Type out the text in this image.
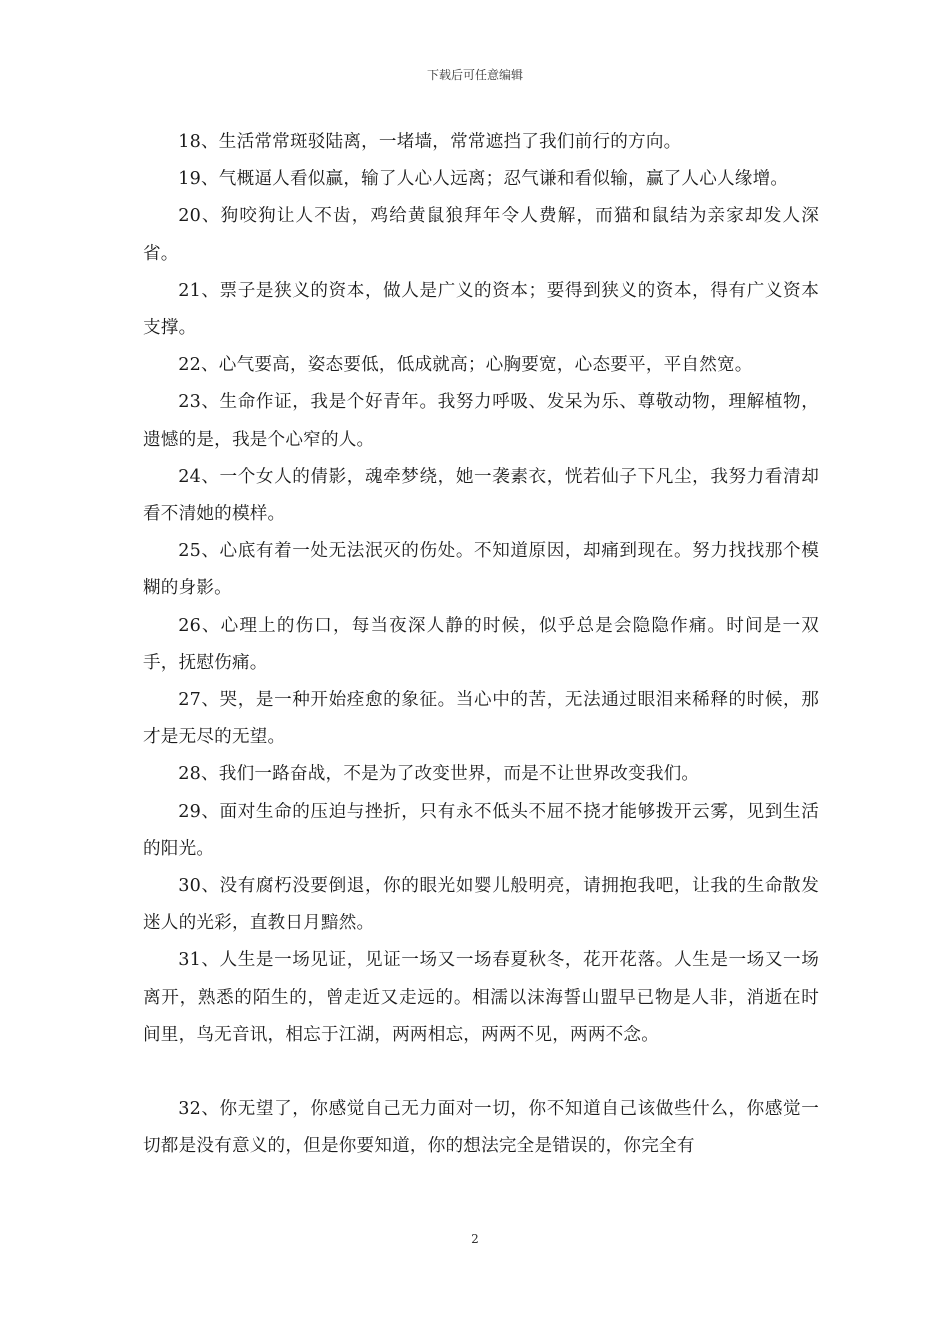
下载后可任意编辑

18、生活常常斑驳陆离，一堵墙，常常遮挡了我们前行的方向。

19、气概逼人看似赢，输了人心人远离；忍气谦和看似输，赢了人心人缘增。

20、狗咬狗让人不齿，鸡给黄鼠狼拜年令人费解，而猫和鼠结为亲家却发人深省。

21、票子是狭义的资本，做人是广义的资本；要得到狭义的资本，得有广义资本支撑。

22、心气要高，姿态要低，低成就高；心胸要宽，心态要平，平自然宽。

23、生命作证，我是个好青年。我努力呼吸、发呆为乐、尊敬动物，理解植物，遗憾的是，我是个心窄的人。

24、一个女人的倩影，魂牵梦绕，她一袭素衣，恍若仙子下凡尘，我努力看清却看不清她的模样。

25、心底有着一处无法泯灭的伤处。不知道原因，却痛到现在。努力找找那个模糊的身影。

26、心理上的伤口，每当夜深人静的时候，似乎总是会隐隐作痛。时间是一双手，抚慰伤痛。

27、哭，是一种开始痊愈的象征。当心中的苦，无法通过眼泪来稀释的时候，那才是无尽的无望。

28、我们一路奋战，不是为了改变世界，而是不让世界改变我们。

29、面对生命的压迫与挫折，只有永不低头不屈不挠才能够拨开云雾，见到生活的阳光。

30、没有腐朽没要倒退，你的眼光如婴儿般明亮，请拥抱我吧，让我的生命散发迷人的光彩，直教日月黯然。

31、人生是一场见证，见证一场又一场春夏秋冬，花开花落。人生是一场又一场离开，熟悉的陌生的，曾走近又走远的。相濡以沫海誓山盟早已物是人非，消逝在时间里，鸟无音讯，相忘于江湖，两两相忘，两两不见，两两不念。

32、你无望了，你感觉自己无力面对一切，你不知道自己该做些什么，你感觉一切都是没有意义的，但是你要知道，你的想法完全是错误的，你完全有

2
